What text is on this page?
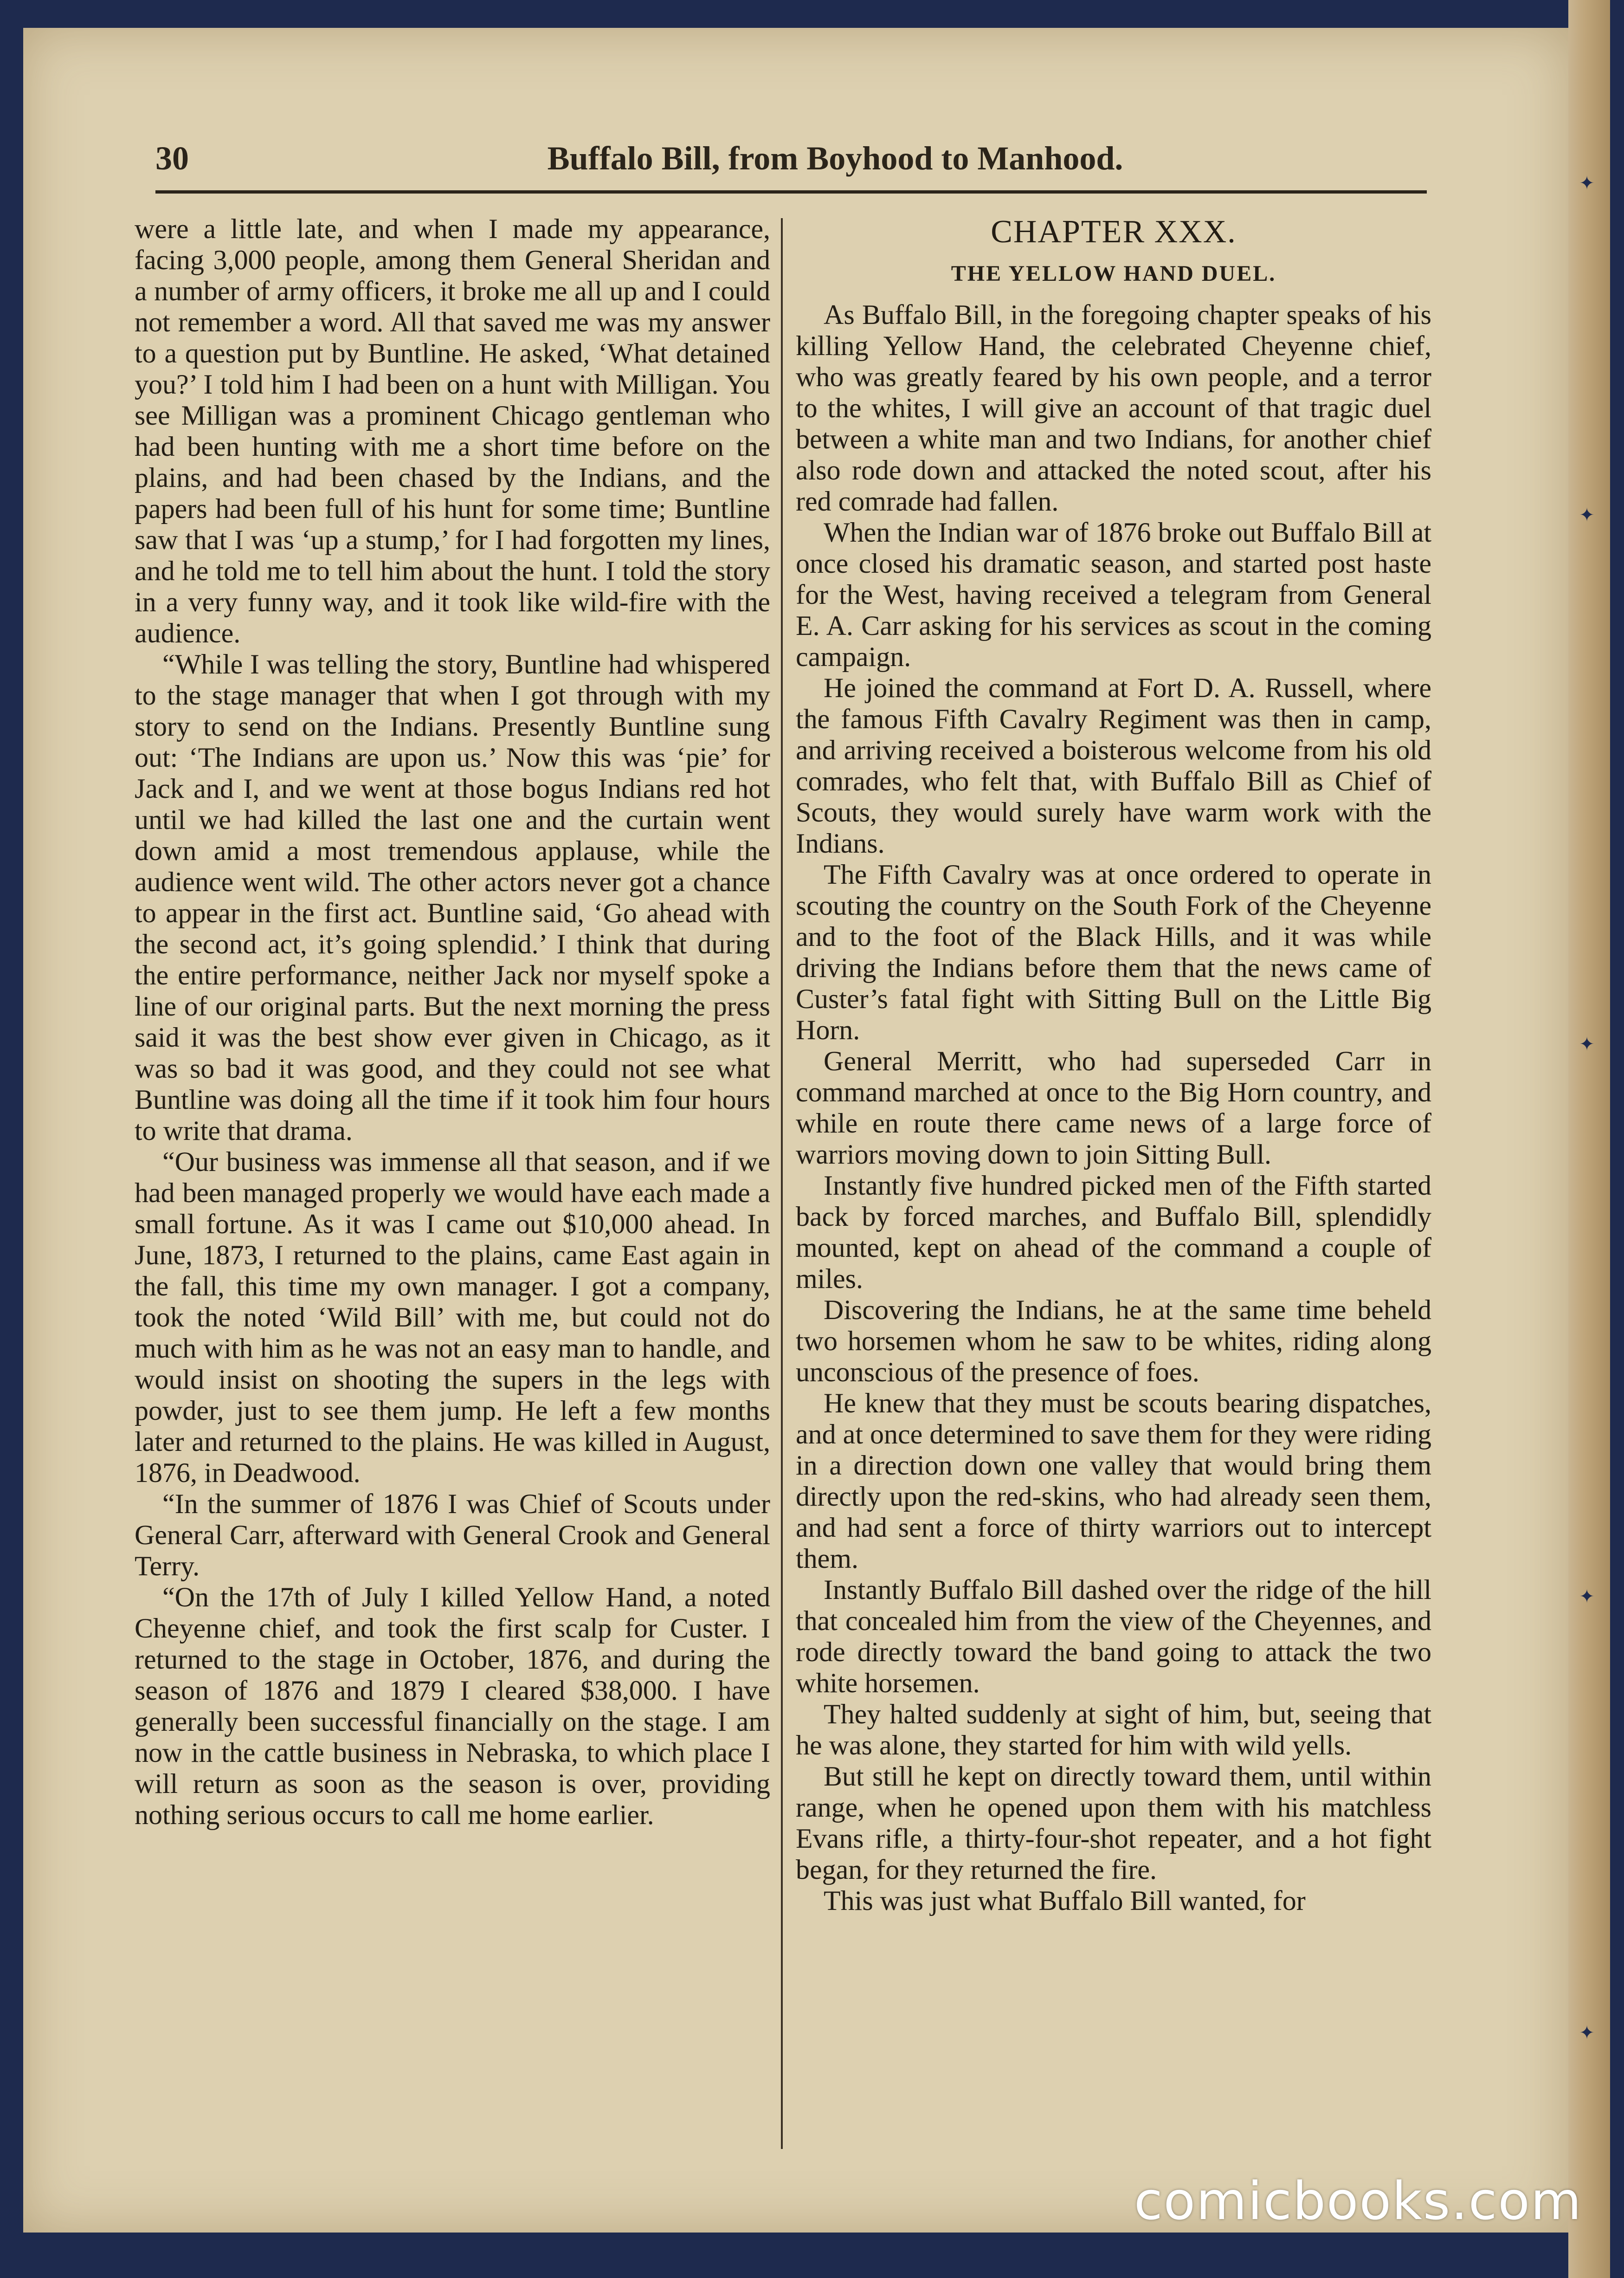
✦
✦
✦
✦
✦
30	Buffalo Bill, from Boyhood to Manhood.

were a little late, and when I made my appearance, facing 3,000 people, among them General Sheridan and a number of army officers, it broke me all up and I could not remember a word. All that saved me was my answer to a question put by Buntline. He asked, ‘What detained you?’ I told him I had been on a hunt with Milligan. You see Milligan was a prominent Chicago gentleman who had been hunting with me a short time before on the plains, and had been chased by the Indians, and the papers had been full of his hunt for some time; Buntline saw that I was ‘up a stump,’ for I had forgotten my lines, and he told me to tell him about the hunt. I told the story in a very funny way, and it took like wild-fire with the audience.

“While I was telling the story, Buntline had whispered to the stage manager that when I got through with my story to send on the Indians. Presently Buntline sung out: ‘The Indians are upon us.’ Now this was ‘pie’ for Jack and I, and we went at those bogus Indians red hot until we had killed the last one and the curtain went down amid a most tremendous applause, while the audience went wild. The other actors never got a chance to appear in the first act. Buntline said, ‘Go ahead with the second act, it’s going splendid.’ I think that during the entire performance, neither Jack nor myself spoke a line of our original parts. But the next morning the press said it was the best show ever given in Chicago, as it was so bad it was good, and they could not see what Buntline was doing all the time if it took him four hours to write that drama.

“Our business was immense all that season, and if we had been managed properly we would have each made a small fortune. As it was I came out $10,000 ahead. In June, 1873, I returned to the plains, came East again in the fall, this time my own manager. I got a company, took the noted ‘Wild Bill’ with me, but could not do much with him as he was not an easy man to handle, and would insist on shooting the supers in the legs with powder, just to see them jump. He left a few months later and returned to the plains. He was killed in August, 1876, in Deadwood.

“In the summer of 1876 I was Chief of Scouts under General Carr, afterward with General Crook and General Terry.

“On the 17th of July I killed Yellow Hand, a noted Cheyenne chief, and took the first scalp for Custer. I returned to the stage in October, 1876, and during the season of 1876 and 1879 I cleared $38,000. I have generally been successful financially on the stage. I am now in the cattle business in Nebraska, to which place I will return as soon as the season is over, providing nothing serious occurs to call me home earlier.

CHAPTER XXX.
THE YELLOW HAND DUEL.

As Buffalo Bill, in the foregoing chapter speaks of his killing Yellow Hand, the celebrated Cheyenne chief, who was greatly feared by his own people, and a terror to the whites, I will give an account of that tragic duel between a white man and two Indians, for another chief also rode down and attacked the noted scout, after his red comrade had fallen.

When the Indian war of 1876 broke out Buffalo Bill at once closed his dramatic season, and started post haste for the West, having received a telegram from General E. A. Carr asking for his services as scout in the coming campaign.

He joined the command at Fort D. A. Russell, where the famous Fifth Cavalry Regiment was then in camp, and arriving received a boisterous welcome from his old comrades, who felt that, with Buffalo Bill as Chief of Scouts, they would surely have warm work with the Indians.

The Fifth Cavalry was at once ordered to operate in scouting the country on the South Fork of the Cheyenne and to the foot of the Black Hills, and it was while driving the Indians before them that the news came of Custer’s fatal fight with Sitting Bull on the Little Big Horn.

General Merritt, who had superseded Carr in command marched at once to the Big Horn country, and while en route there came news of a large force of warriors moving down to join Sitting Bull.

Instantly five hundred picked men of the Fifth started back by forced marches, and Buffalo Bill, splendidly mounted, kept on ahead of the command a couple of miles.

Discovering the Indians, he at the same time beheld two horsemen whom he saw to be whites, riding along unconscious of the presence of foes.

He knew that they must be scouts bearing dispatches, and at once determined to save them for they were riding in a direction down one valley that would bring them directly upon the red-skins, who had already seen them, and had sent a force of thirty warriors out to intercept them.

Instantly Buffalo Bill dashed over the ridge of the hill that concealed him from the view of the Cheyennes, and rode directly toward the band going to attack the two white horsemen.

They halted suddenly at sight of him, but, seeing that he was alone, they started for him with wild yells.

But still he kept on directly toward them, until within range, when he opened upon them with his matchless Evans rifle, a thirty-four-shot repeater, and a hot fight began, for they returned the fire.

This was just what Buffalo Bill wanted, for

comicbooks.com
